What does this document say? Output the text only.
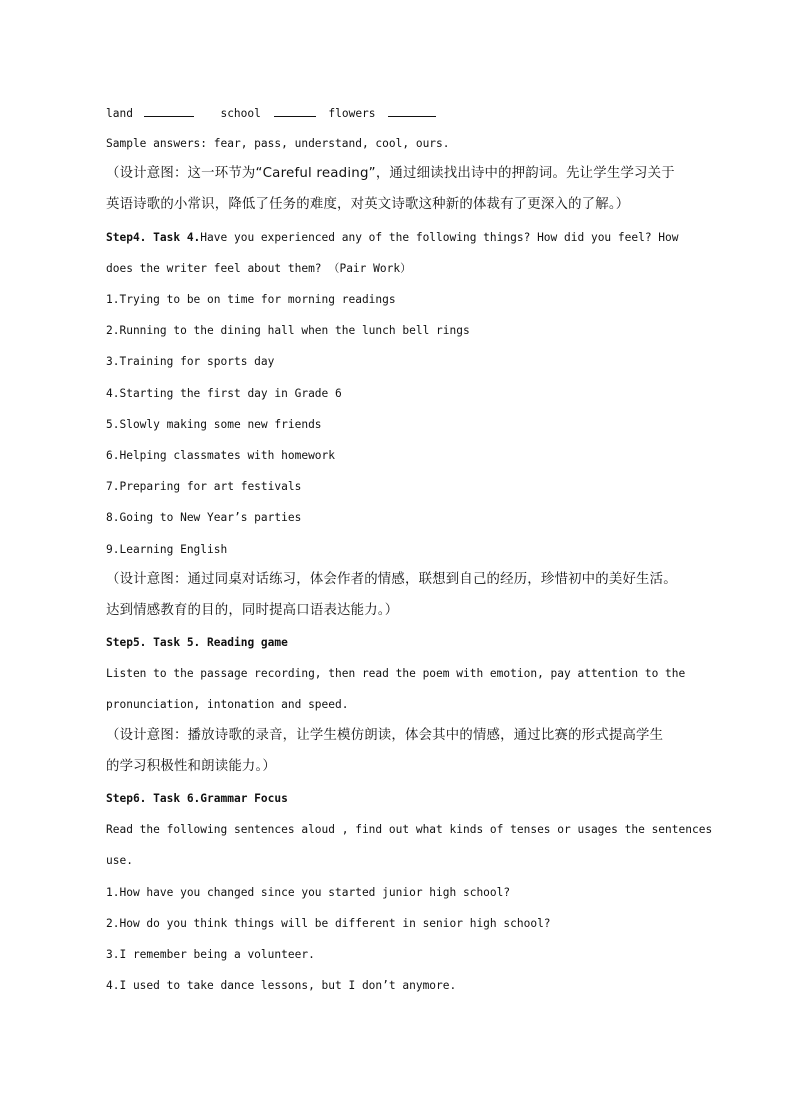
land	school	flowers
Sample answers: fear, pass, understand, cool, ours.
（设计意图：这一环节为“Careful reading”，通过细读找出诗中的押韵词。先让学生学习关于
英语诗歌的小常识，降低了任务的难度，对英文诗歌这种新的体裁有了更深入的了解。）
Step4. Task 4.Have you experienced any of the following things? How did you feel? How
does the writer feel about them? （Pair Work）
1.Trying to be on time for morning readings
2.Running to the dining hall when the lunch bell rings
3.Training for sports day
4.Starting the first day in Grade 6
5.Slowly making some new friends
6.Helping classmates with homework
7.Preparing for art festivals
8.Going to New Year’s parties
9.Learning English
（设计意图：通过同桌对话练习，体会作者的情感，联想到自己的经历，珍惜初中的美好生活。
达到情感教育的目的，同时提高口语表达能力。）
Step5. Task 5. Reading game
Listen to the passage recording, then read the poem with emotion, pay attention to the
pronunciation, intonation and speed.
（设计意图：播放诗歌的录音，让学生模仿朗读，体会其中的情感，通过比赛的形式提高学生
的学习积极性和朗读能力。）
Step6. Task 6.Grammar Focus
Read the following sentences aloud , find out what kinds of tenses or usages the sentences
use.
1.How have you changed since you started junior high school?
2.How do you think things will be different in senior high school?
3.I remember being a volunteer.
4.I used to take dance lessons, but I don’t anymore.
